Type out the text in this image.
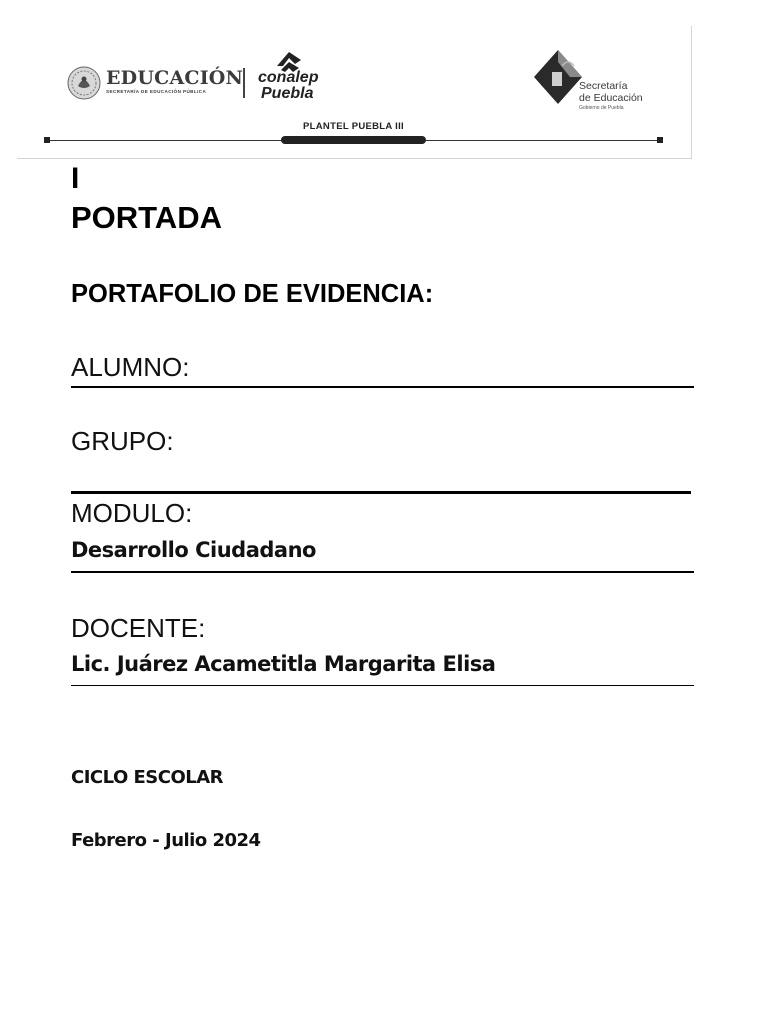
EDUCACIÓN
SECRETARÍA DE EDUCACIÓN PÚBLICA
conalep
Puebla	Secretaría
de Educación
Gobierno de Puebla
PLANTEL PUEBLA III
I
PORTADA
PORTAFOLIO DE EVIDENCIA:
ALUMNO:
GRUPO:
MODULO:
Desarrollo Ciudadano
DOCENTE:
Lic. Juárez Acametitla Margarita Elisa
CICLO ESCOLAR
Febrero - Julio 2024
